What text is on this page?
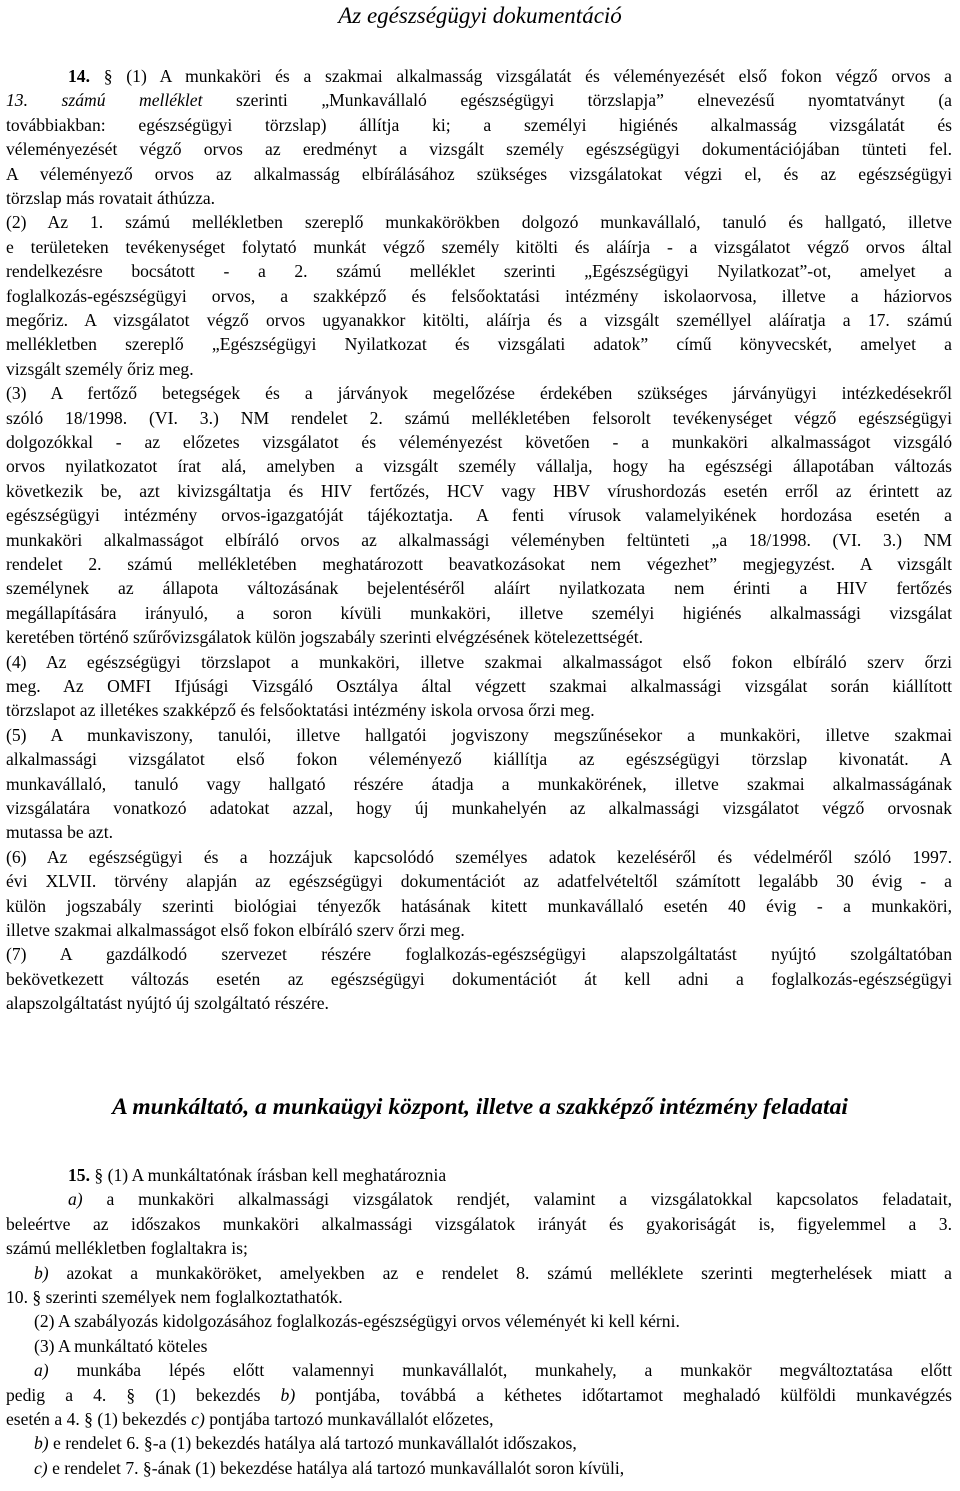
Az egészségügyi dokumentáció
14. § (1) A munkaköri és a szakmai alkalmasság vizsgálatát és véleményezését első fokon végző orvos a
13. számú melléklet szerinti „Munkavállaló egészségügyi törzslapja” elnevezésű nyomtatványt (a
továbbiakban: egészségügyi törzslap) állítja ki; a személyi higiénés alkalmasság vizsgálatát és
véleményezését végző orvos az eredményt a vizsgált személy egészségügyi dokumentációjában tünteti fel.
A véleményező orvos az alkalmasság elbírálásához szükséges vizsgálatokat végzi el, és az egészségügyi
törzslap más rovatait áthúzza.
(2) Az 1. számú mellékletben szereplő munkakörökben dolgozó munkavállaló, tanuló és hallgató, illetve
e területeken tevékenységet folytató munkát végző személy kitölti és aláírja - a vizsgálatot végző orvos által
rendelkezésre bocsátott - a 2. számú melléklet szerinti „Egészségügyi Nyilatkozat”-ot, amelyet a
foglalkozás-egészségügyi orvos, a szakképző és felsőoktatási intézmény iskolaorvosa, illetve a háziorvos
megőriz. A vizsgálatot végző orvos ugyanakkor kitölti, aláírja és a vizsgált személlyel aláíratja a 17. számú
mellékletben szereplő „Egészségügyi Nyilatkozat és vizsgálati adatok” című könyvecskét, amelyet a
vizsgált személy őriz meg.
(3) A fertőző betegségek és a járványok megelőzése érdekében szükséges járványügyi intézkedésekről
szóló 18/1998. (VI. 3.) NM rendelet 2. számú mellékletében felsorolt tevékenységet végző egészségügyi
dolgozókkal - az előzetes vizsgálatot és véleményezést követően - a munkaköri alkalmasságot vizsgáló
orvos nyilatkozatot írat alá, amelyben a vizsgált személy vállalja, hogy ha egészségi állapotában változás
következik be, azt kivizsgáltatja és HIV fertőzés, HCV vagy HBV vírushordozás esetén erről az érintett az
egészségügyi intézmény orvos-igazgatóját tájékoztatja. A fenti vírusok valamelyikének hordozása esetén a
munkaköri alkalmasságot elbíráló orvos az alkalmassági véleményben feltünteti „a 18/1998. (VI. 3.) NM
rendelet 2. számú mellékletében meghatározott beavatkozásokat nem végezhet” megjegyzést. A vizsgált
személynek az állapota változásának bejelentéséről aláírt nyilatkozata nem érinti a HIV fertőzés
megállapítására irányuló, a soron kívüli munkaköri, illetve személyi higiénés alkalmassági vizsgálat
keretében történő szűrővizsgálatok külön jogszabály szerinti elvégzésének kötelezettségét.
(4) Az egészségügyi törzslapot a munkaköri, illetve szakmai alkalmasságot első fokon elbíráló szerv őrzi
meg. Az OMFI Ifjúsági Vizsgáló Osztálya által végzett szakmai alkalmassági vizsgálat során kiállított
törzslapot az illetékes szakképző és felsőoktatási intézmény iskola orvosa őrzi meg.
(5) A munkaviszony, tanulói, illetve hallgatói jogviszony megszűnésekor a munkaköri, illetve szakmai
alkalmassági vizsgálatot első fokon véleményező kiállítja az egészségügyi törzslap kivonatát. A
munkavállaló, tanuló vagy hallgató részére átadja a munkakörének, illetve szakmai alkalmasságának
vizsgálatára vonatkozó adatokat azzal, hogy új munkahelyén az alkalmassági vizsgálatot végző orvosnak
mutassa be azt.
(6) Az egészségügyi és a hozzájuk kapcsolódó személyes adatok kezeléséről és védelméről szóló 1997.
évi XLVII. törvény alapján az egészségügyi dokumentációt az adatfelvételtől számított legalább 30 évig - a
külön jogszabály szerinti biológiai tényezők hatásának kitett munkavállaló esetén 40 évig - a munkaköri,
illetve szakmai alkalmasságot első fokon elbíráló szerv őrzi meg.
(7) A gazdálkodó szervezet részére foglalkozás-egészségügyi alapszolgáltatást nyújtó szolgáltatóban
bekövetkezett változás esetén az egészségügyi dokumentációt át kell adni a foglalkozás-egészségügyi
alapszolgáltatást nyújtó új szolgáltató részére.
A munkáltató, a munkaügyi központ, illetve a szakképző intézmény feladatai
15. § (1) A munkáltatónak írásban kell meghatároznia
a) a munkaköri alkalmassági vizsgálatok rendjét, valamint a vizsgálatokkal kapcsolatos feladatait,
beleértve az időszakos munkaköri alkalmassági vizsgálatok irányát és gyakoriságát is, figyelemmel a 3.
számú mellékletben foglaltakra is;
b) azokat a munkaköröket, amelyekben az e rendelet 8. számú melléklete szerinti megterhelések miatt a
10. § szerinti személyek nem foglalkoztathatók.
(2) A szabályozás kidolgozásához foglalkozás-egészségügyi orvos véleményét ki kell kérni.
(3) A munkáltató köteles
a) munkába lépés előtt valamennyi munkavállalót, munkahely, a munkakör megváltoztatása előtt
pedig a 4. § (1) bekezdés b) pontjába, továbbá a kéthetes időtartamot meghaladó külföldi munkavégzés
esetén a 4. § (1) bekezdés c) pontjába tartozó munkavállalót előzetes,
b) e rendelet 6. §-a (1) bekezdés hatálya alá tartozó munkavállalót időszakos,
c) e rendelet 7. §-ának (1) bekezdése hatálya alá tartozó munkavállalót soron kívüli,
